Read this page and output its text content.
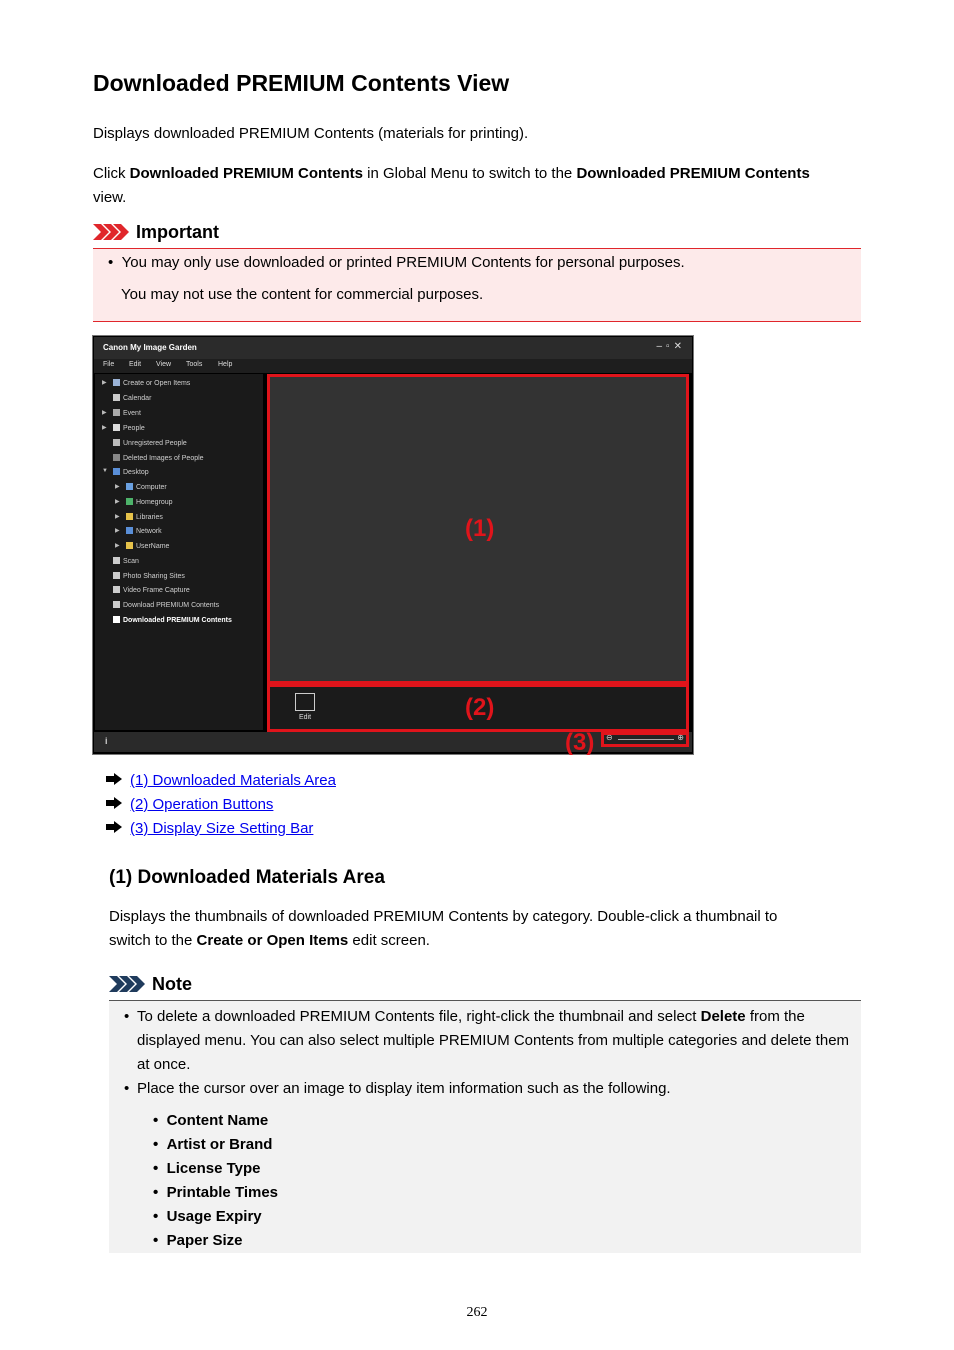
Downloaded PREMIUM Contents View

Displays downloaded PREMIUM Contents (materials for printing).

Click Downloaded PREMIUM Contents in Global Menu to switch to the Downloaded PREMIUM Contents
view.

Important
• You may only use downloaded or printed PREMIUM Contents for personal purposes.
You may not use the content for commercial purposes.
Canon My Image Garden	–▫✕
File Edit View Tools Help
▶	Create or Open Items
Calendar
▶	Event
▶	People
Unregistered People
Deleted Images of People
▼	Desktop
▶	Computer
▶	Homegroup
▶	Libraries
▶	Network
▶	UserName
Scan
Photo Sharing Sites
Video Frame Capture
Download PREMIUM Contents
Downloaded PREMIUM Contents
(1)
Edit	(2)
i	(3) ⊖	⊕
(1) Downloaded Materials Area
(2) Operation Buttons
(3) Display Size Setting Bar
(1) Downloaded Materials Area

Displays the thumbnails of downloaded PREMIUM Contents by category. Double-click a thumbnail to
switch to the Create or Open Items edit screen.

Note
• To delete a downloaded PREMIUM Contents file, right-click the thumbnail and select Delete from the displayed menu. You can also select multiple PREMIUM Contents from multiple categories and delete them at once.
• Place the cursor over an image to display item information such as the following.
•  Content Name
•  Artist or Brand
•  License Type
•  Printable Times
•  Usage Expiry
•  Paper Size
262
